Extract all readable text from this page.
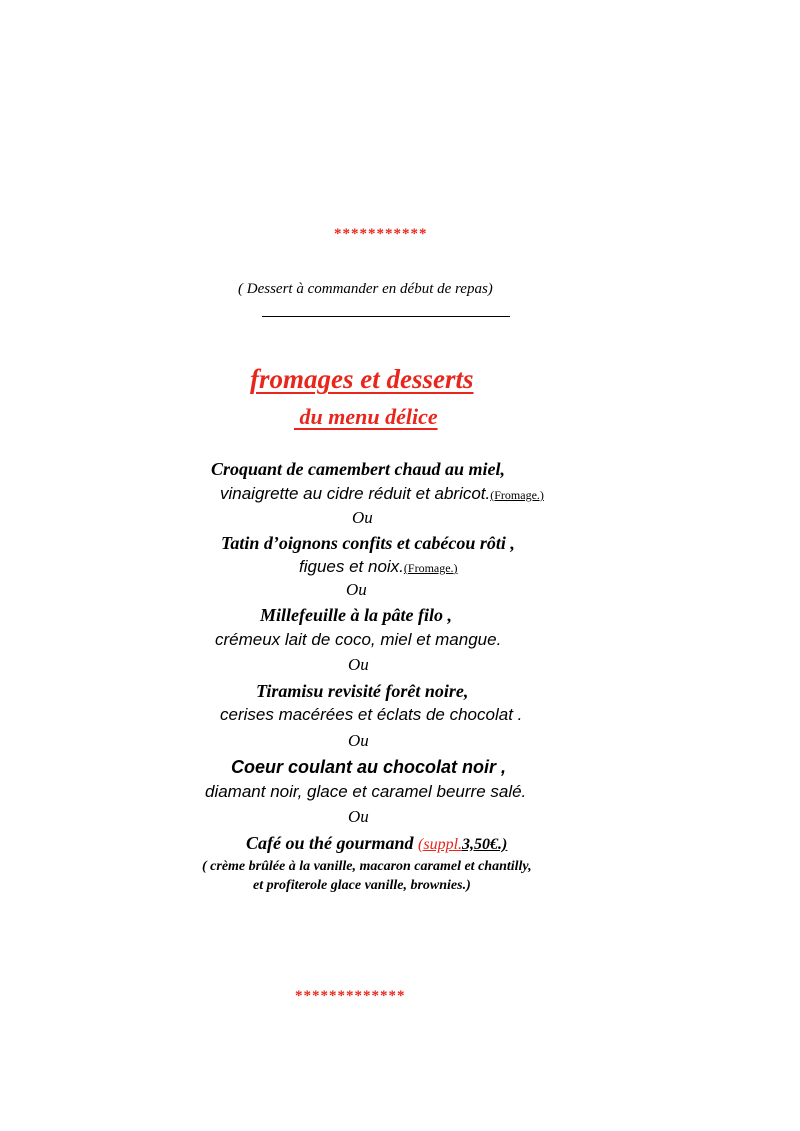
***********
( Dessert à commander en début de repas)
fromages et desserts
du menu délice
Croquant de camembert chaud au miel,
vinaigrette au cidre réduit et abricot.(Fromage.)
Ou
Tatin d’oignons confits et cabécou rôti ,
figues et noix.(Fromage.)
Ou
Millefeuille à la pâte filo ,
crémeux lait de coco, miel et mangue.
Ou
Tiramisu revisité forêt noire,
cerises macérées et éclats de chocolat .
Ou
Coeur coulant au chocolat noir ,
diamant noir, glace et caramel beurre salé.
Ou
Café ou thé gourmand (suppl.3,50€.)
( crème brûlée à la vanille, macaron caramel et chantilly,
et profiterole glace vanille, brownies.)
*************
